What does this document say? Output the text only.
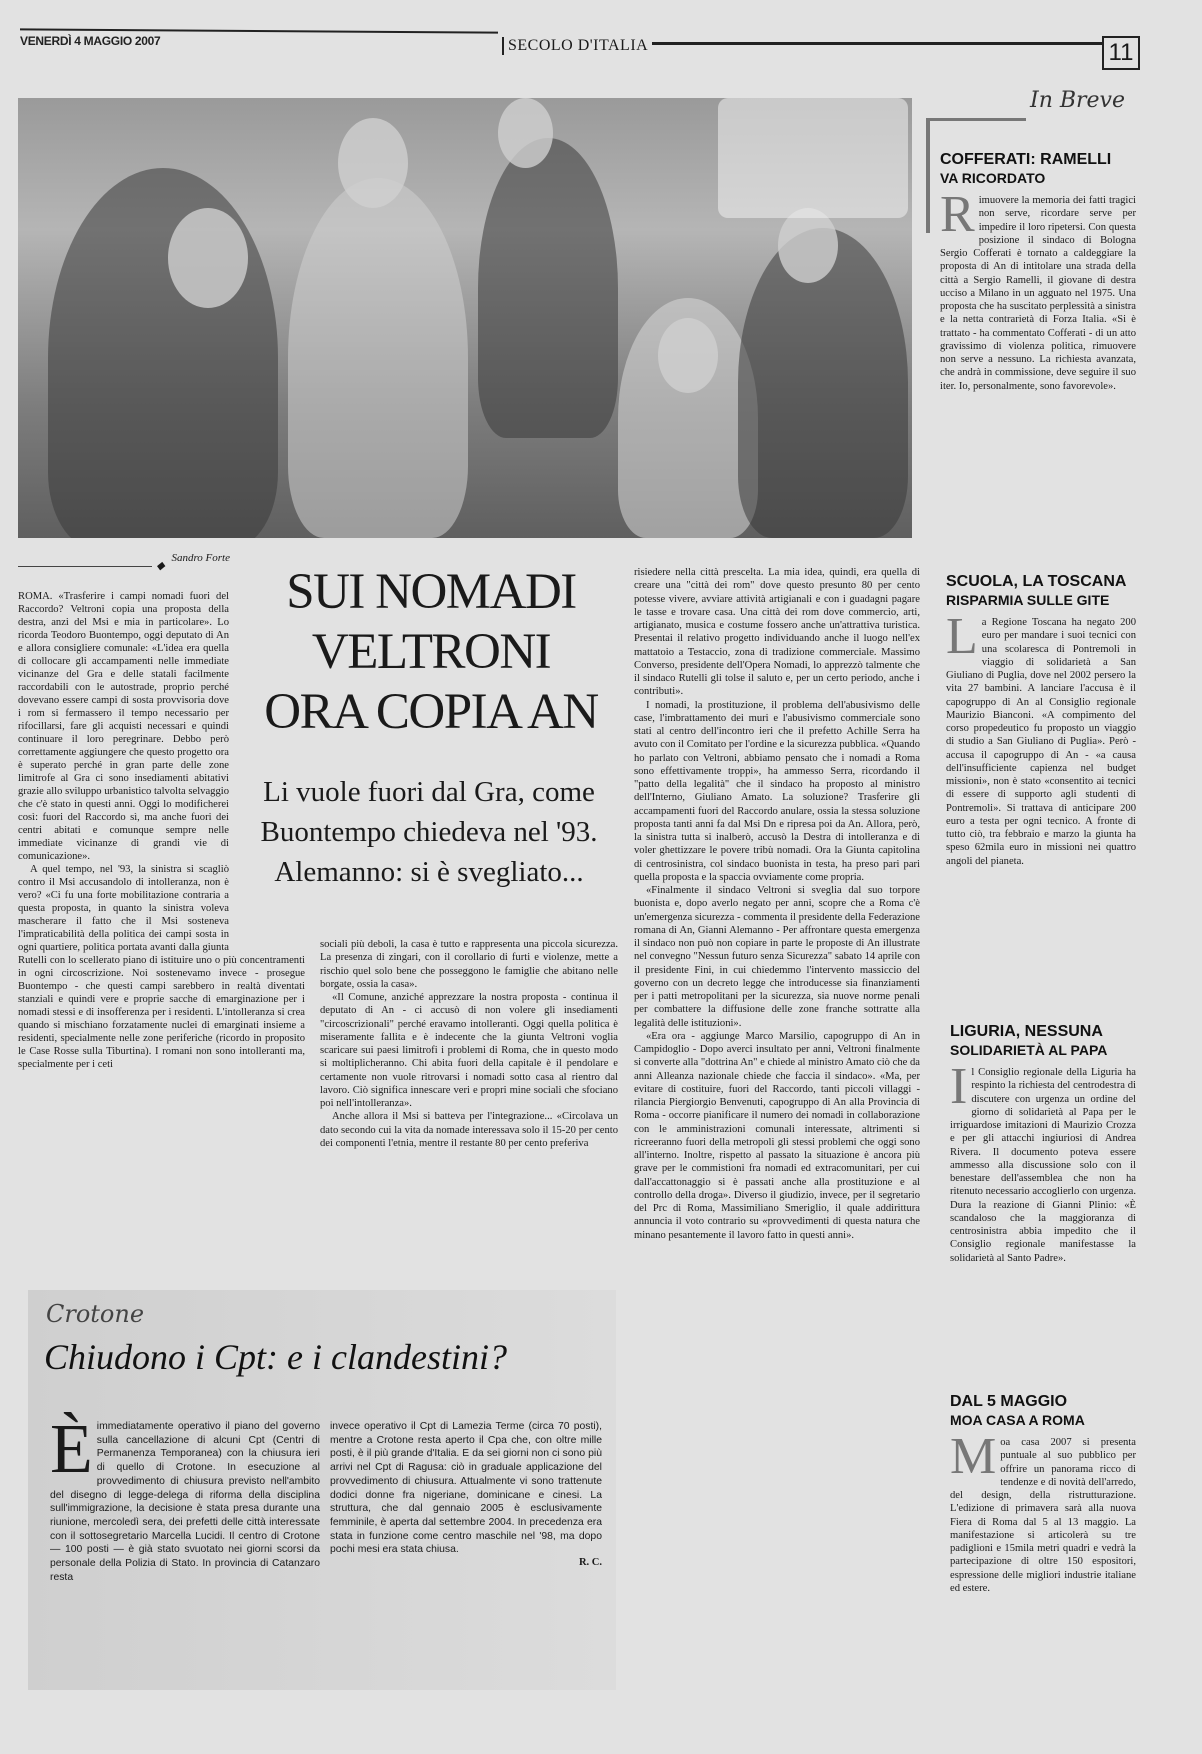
VENERDÌ 4 MAGGIO 2007	SECOLO D'ITALIA	11
In Breve
COFFERATI: RAMELLI
VA RICORDATO

Rimuovere la memoria dei fatti tragici non serve, ricordare serve per impedire il loro ripetersi. Con questa posizione il sindaco di Bologna Sergio Cofferati è tornato a caldeggiare la proposta di An di intitolare una strada della città a Sergio Ramelli, il giovane di destra ucciso a Milano in un agguato nel 1975. Una proposta che ha suscitato perplessità a sinistra e la netta contrarietà di Forza Italia. «Si è trattato - ha commentato Cofferati - di un atto gravissimo di violenza politica, rimuovere non serve a nessuno. La richiesta avanzata, che andrà in commissione, deve seguire il suo iter. Io, personalmente, sono favorevole».

SCUOLA, LA TOSCANA
RISPARMIA SULLE GITE

La Regione Toscana ha negato 200 euro per mandare i suoi tecnici con una scolaresca di Pontremoli in viaggio di solidarietà a San Giuliano di Puglia, dove nel 2002 persero la vita 27 bambini. A lanciare l'accusa è il capogruppo di An al Consiglio regionale Maurizio Bianconi. «A compimento del corso propedeutico fu proposto un viaggio di studio a San Giuliano di Puglia». Però - accusa il capogruppo di An - «a causa dell'insufficiente capienza nel budget missioni», non è stato «consentito ai tecnici di essere di supporto agli studenti di Pontremoli». Si trattava di anticipare 200 euro a testa per ogni tecnico. A fronte di tutto ciò, tra febbraio e marzo la giunta ha speso 62mila euro in missioni nei quattro angoli del pianeta.

LIGURIA, NESSUNA
SOLIDARIETÀ AL PAPA

Il Consiglio regionale della Liguria ha respinto la richiesta del centrodestra di discutere con urgenza un ordine del giorno di solidarietà al Papa per le irriguardose imitazioni di Maurizio Crozza e per gli attacchi ingiuriosi di Andrea Rivera. Il documento poteva essere ammesso alla discussione solo con il benestare dell'assemblea che non ha ritenuto necessario accoglierlo con urgenza. Dura la reazione di Gianni Plinio: «È scandaloso che la maggioranza di centrosinistra abbia impedito che il Consiglio regionale manifestasse la solidarietà al Santo Padre».

DAL 5 MAGGIO
MOA CASA A ROMA

Moa casa 2007 si presenta puntuale al suo pubblico per offrire un panorama ricco di tendenze e di novità dell'arredo, del design, della ristrutturazione. L'edizione di primavera sarà alla nuova Fiera di Roma dal 5 al 13 maggio. La manifestazione si articolerà su tre padiglioni e 15mila metri quadri e vedrà la partecipazione di oltre 150 espositori, espressione delle migliori industrie italiane ed estere.

◆ Sandro Forte
SUI NOMADI
VELTRONI
ORA COPIA AN
Li vuole fuori dal Gra, come
Buontempo chiedeva nel '93.
Alemanno: si è svegliato...

ROMA. «Trasferire i campi nomadi fuori del Raccordo? Veltroni copia una proposta della destra, anzi del Msi e mia in particolare». Lo ricorda Teodoro Buontempo, oggi deputato di An e allora consigliere comunale: «L'idea era quella di collocare gli accampamenti nelle immediate vicinanze del Gra e delle statali facilmente raccordabili con le autostrade, proprio perché dovevano essere campi di sosta provvisoria dove i rom si fermassero il tempo necessario per rifocillarsi, fare gli acquisti necessari e quindi continuare il loro peregrinare. Debbo però correttamente aggiungere che questo progetto ora è superato perché in gran parte delle zone limitrofe al Gra ci sono insediamenti abitativi grazie allo sviluppo urbanistico talvolta selvaggio che c'è stato in questi anni. Oggi lo modificherei così: fuori del Raccordo sì, ma anche fuori dei centri abitati e comunque sempre nelle immediate vicinanze di grandi vie di comunicazione».

A quel tempo, nel '93, la sinistra si scagliò contro il Msi accusandolo di intolleranza, non è vero? «Ci fu una forte mobilitazione contraria a questa proposta, in quanto la sinistra voleva mascherare il fatto che il Msi sosteneva l'impraticabilità della politica dei campi sosta in ogni quartiere, politica portata avanti dalla giunta Rutelli con lo scellerato piano di istituire uno o più concentramenti in ogni circoscrizione. Noi sostenevamo invece - prosegue Buontempo - che questi campi sarebbero in realtà diventati stanziali e quindi vere e proprie sacche di emarginazione per i nomadi stessi e di insofferenza per i residenti. L'intolleranza si crea quando si mischiano forzatamente nuclei di emarginati insieme a residenti, specialmente nelle zone periferiche (ricordo in proposito le Case Rosse sulla Tiburtina). I romani non sono intolleranti ma, specialmente per i ceti

sociali più deboli, la casa è tutto e rappresenta una piccola sicurezza. La presenza di zingari, con il corollario di furti e violenze, mette a rischio quel solo bene che posseggono le famiglie che abitano nelle borgate, ossia la casa».

«Il Comune, anziché apprezzare la nostra proposta - continua il deputato di An - ci accusò di non volere gli insediamenti "circoscrizionali" perché eravamo intolleranti. Oggi quella politica è miseramente fallita e è indecente che la giunta Veltroni voglia scaricare sui paesi limitrofi i problemi di Roma, che in questo modo si moltiplicheranno. Chi abita fuori della capitale è il pendolare e certamente non vuole ritrovarsi i nomadi sotto casa al rientro dal lavoro. Ciò significa innescare veri e propri mine sociali che sfociano poi nell'intolleranza».

Anche allora il Msi si batteva per l'integrazione... «Circolava un dato secondo cui la vita da nomade interessava solo il 15-20 per cento dei componenti l'etnia, mentre il restante 80 per cento preferiva

risiedere nella città prescelta. La mia idea, quindi, era quella di creare una "città dei rom" dove questo presunto 80 per cento potesse vivere, avviare attività artigianali e con i guadagni pagare le tasse e trovare casa. Una città dei rom dove commercio, arti, artigianato, musica e costume fossero anche un'attrattiva turistica. Presentai il relativo progetto individuando anche il luogo nell'ex mattatoio a Testaccio, zona di tradizione commerciale. Massimo Converso, presidente dell'Opera Nomadi, lo apprezzò talmente che il sindaco Rutelli gli tolse il saluto e, per un certo periodo, anche i contributi».

I nomadi, la prostituzione, il problema dell'abusivismo delle case, l'imbrattamento dei muri e l'abusivismo commerciale sono stati al centro dell'incontro ieri che il prefetto Achille Serra ha avuto con il Comitato per l'ordine e la sicurezza pubblica. «Quando ho parlato con Veltroni, abbiamo pensato che i nomadi a Roma sono effettivamente troppi», ha ammesso Serra, ricordando il "patto della legalità" che il sindaco ha proposto al ministro dell'Interno, Giuliano Amato. La soluzione? Trasferire gli accampamenti fuori del Raccordo anulare, ossia la stessa soluzione proposta tanti anni fa dal Msi Dn e ripresa poi da An. Allora, però, la sinistra tutta si inalberò, accusò la Destra di intolleranza e di voler ghettizzare le povere tribù nomadi. Ora la Giunta capitolina di centrosinistra, col sindaco buonista in testa, ha preso pari pari quella proposta e la spaccia ovviamente come propria.

«Finalmente il sindaco Veltroni si sveglia dal suo torpore buonista e, dopo averlo negato per anni, scopre che a Roma c'è un'emergenza sicurezza - commenta il presidente della Federazione romana di An, Gianni Alemanno - Per affrontare questa emergenza il sindaco non può non copiare in parte le proposte di An illustrate nel convegno "Nessun futuro senza Sicurezza" sabato 14 aprile con il presidente Fini, in cui chiedemmo l'intervento massiccio del governo con un decreto legge che introducesse sia finanziamenti per i patti metropolitani per la sicurezza, sia nuove norme penali per combattere la diffusione delle zone franche sottratte alla legalità delle istituzioni».

«Era ora - aggiunge Marco Marsilio, capogruppo di An in Campidoglio - Dopo averci insultato per anni, Veltroni finalmente si converte alla "dottrina An" e chiede al ministro Amato ciò che da anni Alleanza nazionale chiede che faccia il sindaco». «Ma, per evitare di costituire, fuori del Raccordo, tanti piccoli villaggi - rilancia Piergiorgio Benvenuti, capogruppo di An alla Provincia di Roma - occorre pianificare il numero dei nomadi in collaborazione con le amministrazioni comunali interessate, altrimenti si ricreeranno fuori della metropoli gli stessi problemi che oggi sono all'interno. Inoltre, rispetto al passato la situazione è ancora più grave per le commistioni fra nomadi ed extracomunitari, per cui dall'accattonaggio si è passati anche alla prostituzione e al controllo della droga». Diverso il giudizio, invece, per il segretario del Prc di Roma, Massimiliano Smeriglio, il quale addirittura annuncia il voto contrario su «provvedimenti di questa natura che minano pesantemente il lavoro fatto in questi anni».

Crotone
Chiudono i Cpt: e i clandestini?

Èimmediatamente operativo il piano del governo sulla cancellazione di alcuni Cpt (Centri di Permanenza Temporanea) con la chiusura ieri di quello di Crotone. In esecuzione al provvedimento di chiusura previsto nell'ambito del disegno di legge-delega di riforma della disciplina sull'immigrazione, la decisione è stata presa durante una riunione, mercoledì sera, dei prefetti delle città interessate con il sottosegretario Marcella Lucidi. Il centro di Crotone — 100 posti — è già stato svuotato nei giorni scorsi da personale della Polizia di Stato. In provincia di Catanzaro resta

invece operativo il Cpt di Lamezia Terme (circa 70 posti), mentre a Crotone resta aperto il Cpa che, con oltre mille posti, è il più grande d'Italia. E da sei giorni non ci sono più arrivi nel Cpt di Ragusa: ciò in graduale applicazione del provvedimento di chiusura. Attualmente vi sono trattenute dodici donne fra nigeriane, dominicane e cinesi. La struttura, che dal gennaio 2005 è esclusivamente femminile, è aperta dal settembre 2004. In precedenza era stata in funzione come centro maschile nel '98, ma dopo pochi mesi era stata chiusa.

R. C.
